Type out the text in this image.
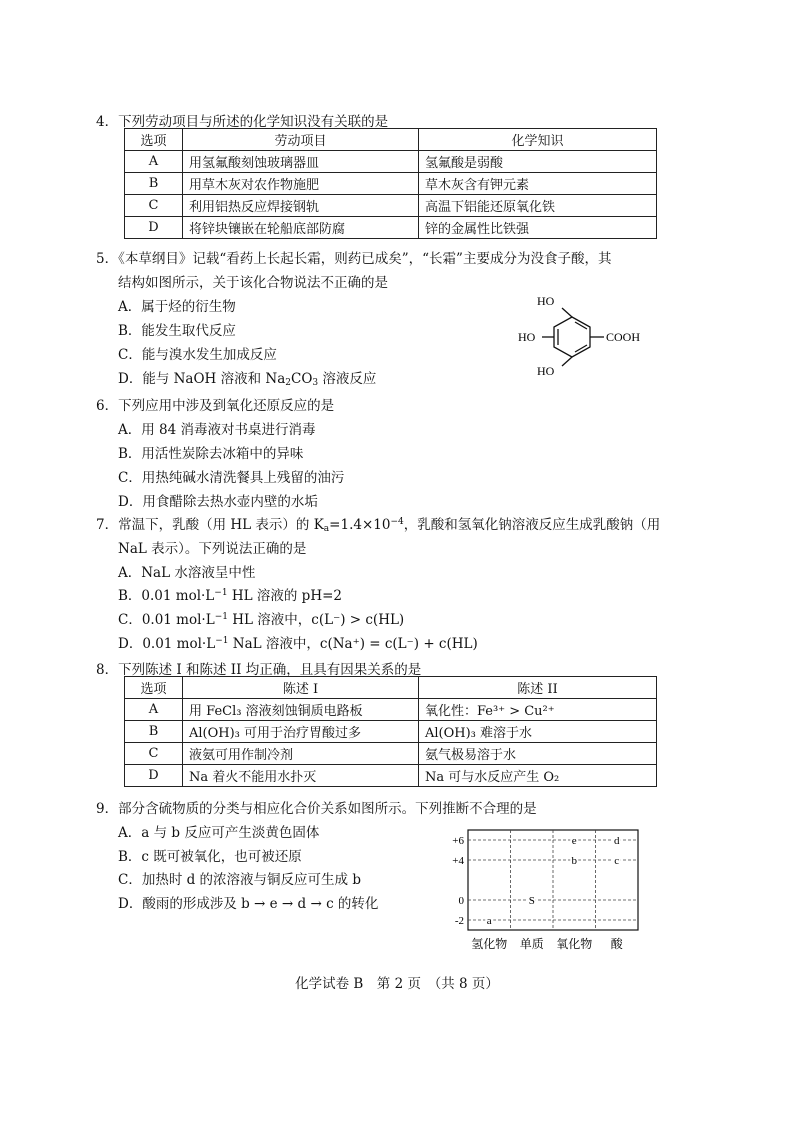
4．下列劳动项目与所述的化学知识没有关联的是
选项	劳动项目	化学知识
A	用氢氟酸刻蚀玻璃器皿	氢氟酸是弱酸
B	用草木灰对农作物施肥	草木灰含有钾元素
C	利用铝热反应焊接钢轨	高温下铝能还原氧化铁
D	将锌块镶嵌在轮船底部防腐	锌的金属性比铁强
5．《本草纲目》记载“看药上长起长霜，则药已成矣”，“长霜”主要成分为没食子酸，其
结构如图所示，关于该化合物说法不正确的是
A．属于烃的衍生物
B．能发生取代反应
C．能与溴水发生加成反应
D．能与 NaOH 溶液和 $Na_2CO_3$ 溶液反应
HO
HO
HO
COOH
6．下列应用中涉及到氧化还原反应的是
A．用 84 消毒液对书桌进行消毒
B．用活性炭除去冰箱中的异味
C．用热纯碱水清洗餐具上残留的油污
D．用食醋除去热水壶内壁的水垢
7．常温下，乳酸（用 HL 表示）的 $K_a=1.4\times 10^{-4}$，乳酸和氢氧化钠溶液反应生成乳酸钠（用
NaL 表示）。下列说法正确的是
A．NaL 水溶液呈中性
B．0.01 $mol\cdot L^{-1}$ HL 溶液的 pH=2
C．0.01 $mol\cdot L^{-1}$ HL 溶液中，c(L⁻) > c(HL)
D．0.01 $mol\cdot L^{-1}$ NaL 溶液中，c(Na⁺) = c(L⁻) + c(HL)
8．下列陈述 I 和陈述 II 均正确，且具有因果关系的是
选项	陈述 I	陈述 II
A	用 FeCl₃ 溶液刻蚀铜质电路板	氧化性：Fe³⁺ > Cu²⁺
B	Al(OH)₃ 可用于治疗胃酸过多	Al(OH)₃ 难溶于水
C	液氨可用作制冷剂	氨气极易溶于水
D	Na 着火不能用水扑灭	Na 可与水反应产生 O₂
9．部分含硫物质的分类与相应化合价关系如图所示。下列推断不合理的是
A．a 与 b 反应可产生淡黄色固体
B．c 既可被氧化，也可被还原
C．加热时 d 的浓溶液与铜反应可生成 b
D．酸雨的形成涉及 b → e → d → c 的转化
+6
+4
0
-2
氢化物 单质 氧化物 酸
a
S
b
e
c
d
化学试卷 B　第 2 页　（共 8 页）
